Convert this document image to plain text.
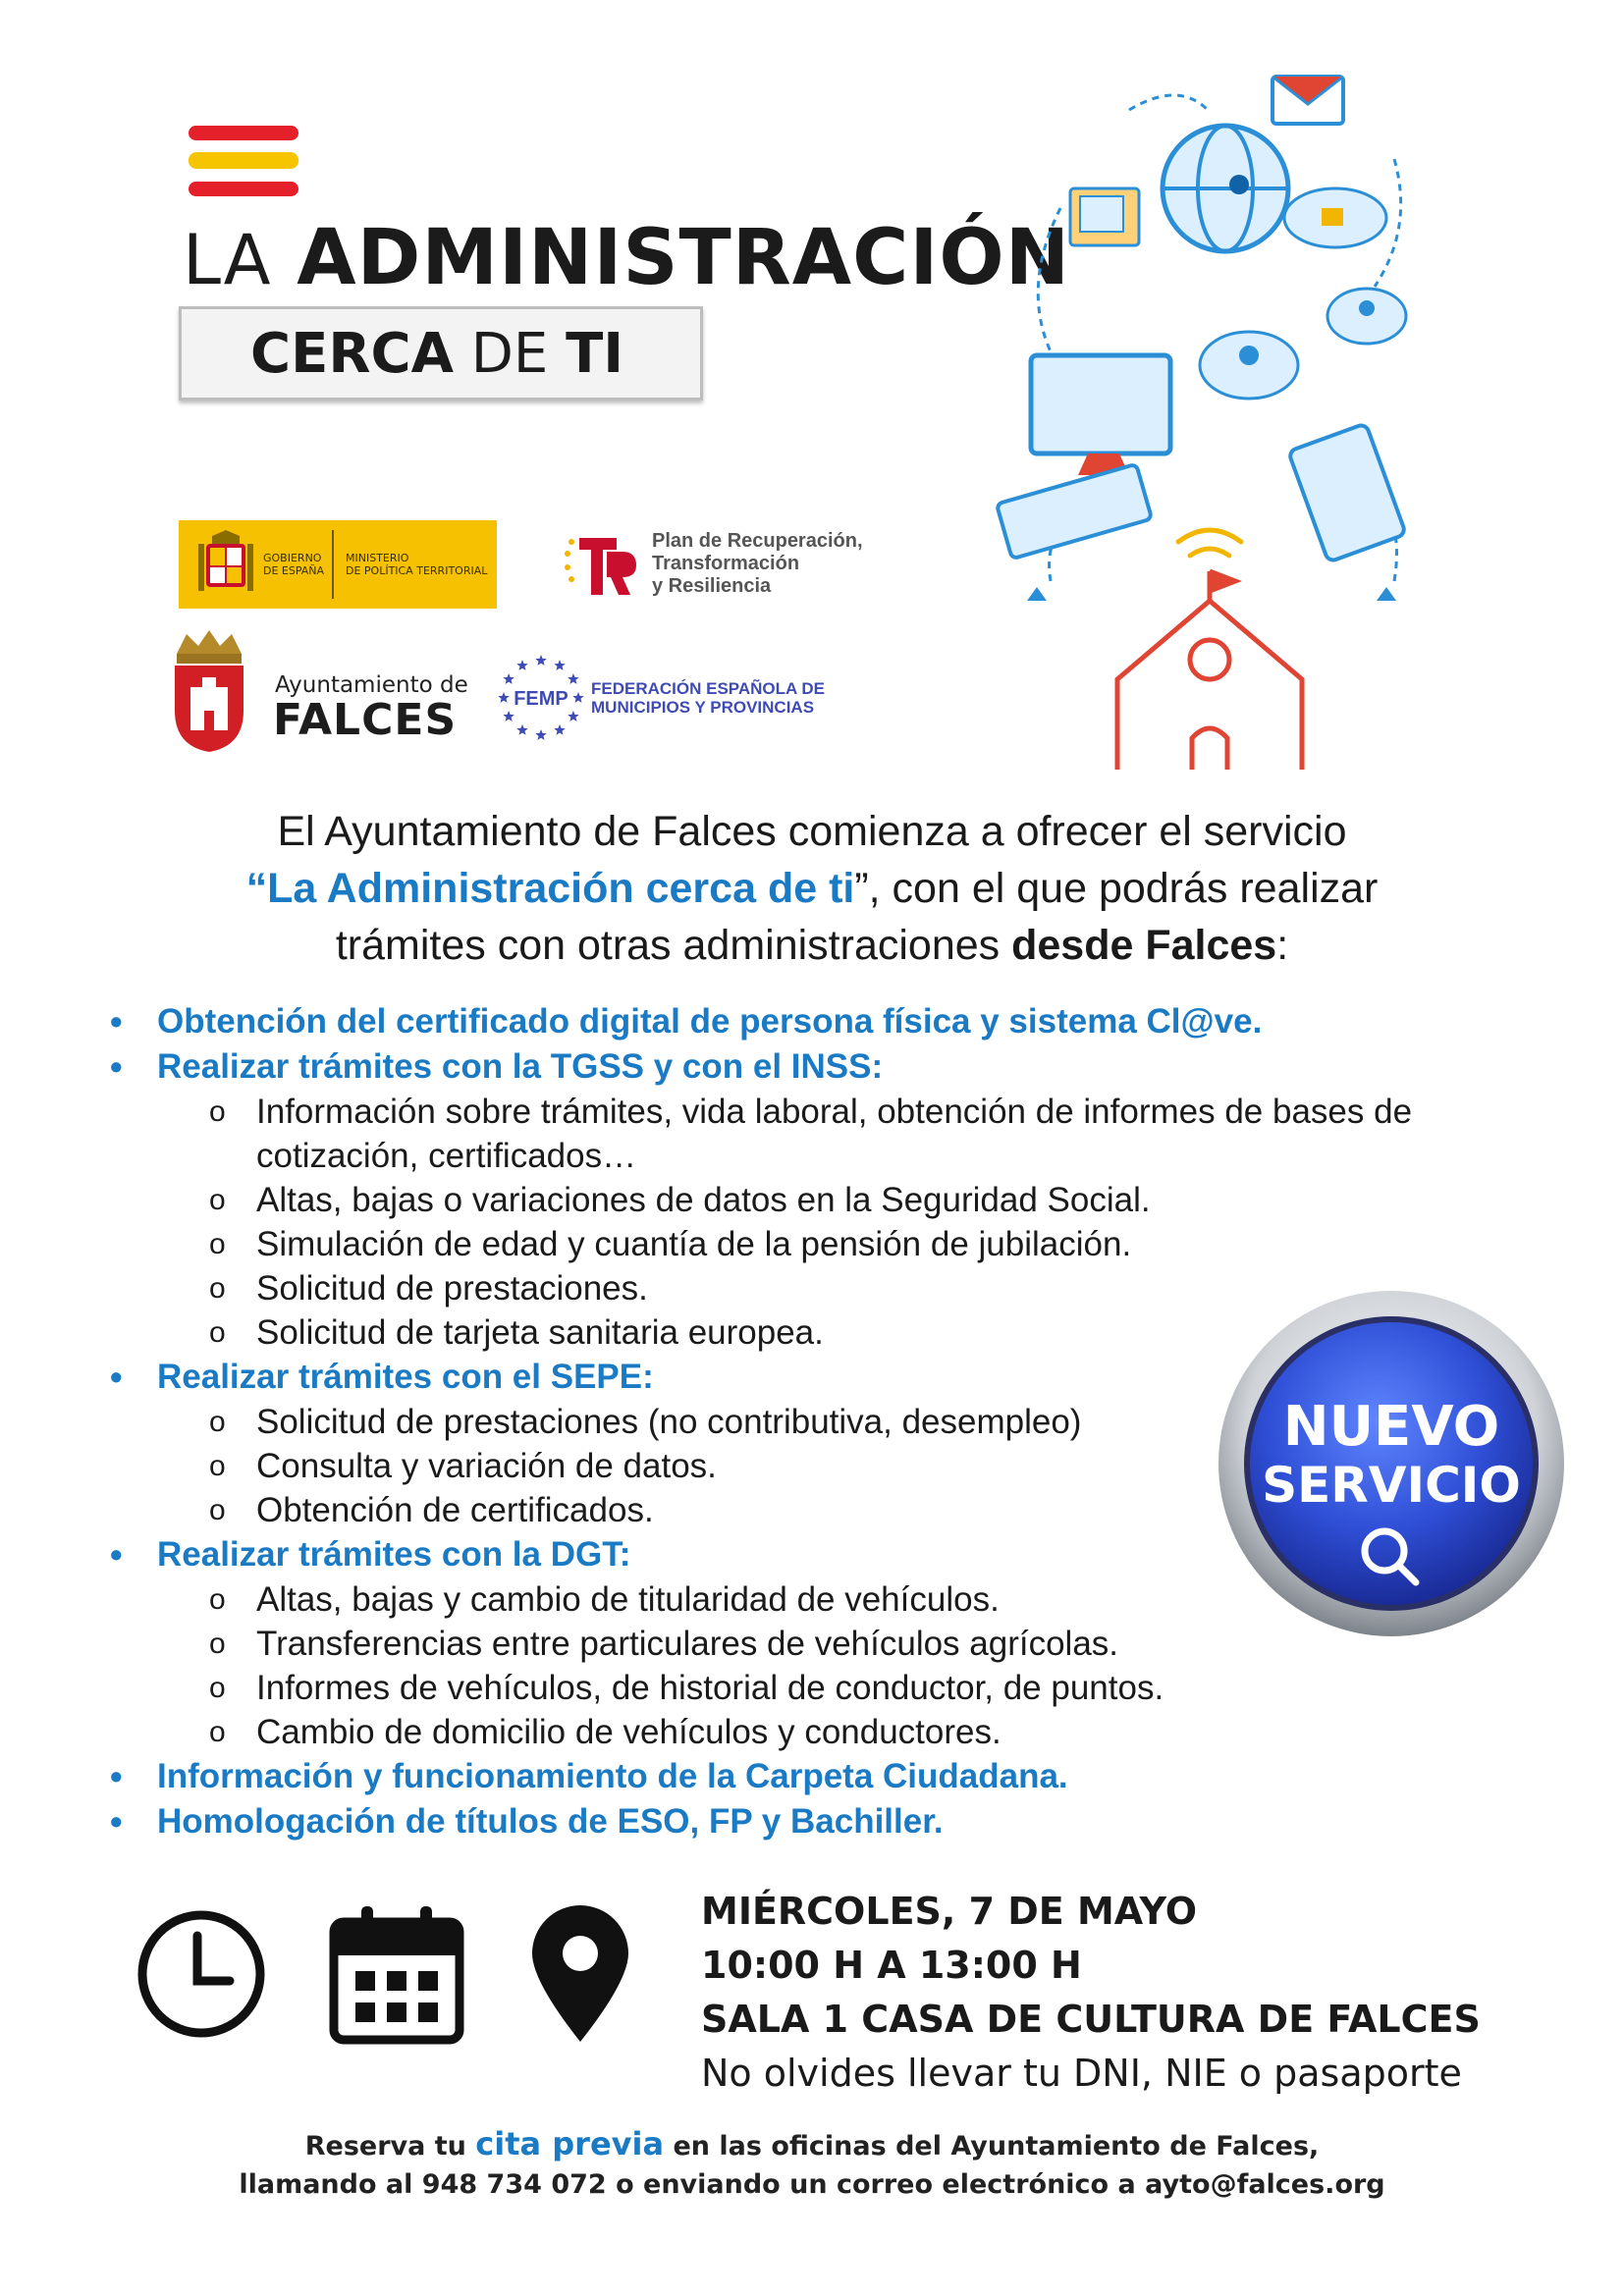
LA ADMINISTRACIÓN
CERCA DE TI
GOBIERNO
DE ESPAÑA
MINISTERIO
DE POLÍTICA TERRITORIAL
Plan de Recuperación,
Transformación
y Resiliencia
Ayuntamiento de
FALCES	FEMP FEDERACIÓN ESPAÑOLA DE
MUNICIPIOS Y PROVINCIAS
El Ayuntamiento de Falces comienza a ofrecer el servicio
“La Administración cerca de ti”, con el que podrás realizar
trámites con otras administraciones desde Falces:
• Obtención del certificado digital de persona física y sistema Cl@ve.
• Realizar trámites con la TGSS y con el INSS:
o Información sobre trámites, vida laboral, obtención de informes de bases de cotización, certificados…
o Altas, bajas o variaciones de datos en la Seguridad Social.
o Simulación de edad y cuantía de la pensión de jubilación.
o Solicitud de prestaciones.
o Solicitud de tarjeta sanitaria europea.
• Realizar trámites con el SEPE:
o Solicitud de prestaciones (no contributiva, desempleo)
o Consulta y variación de datos.
o Obtención de certificados.
• Realizar trámites con la DGT:
o Altas, bajas y cambio de titularidad de vehículos.
o Transferencias entre particulares de vehículos agrícolas.
o Informes de vehículos, de historial de conductor, de puntos.
o Cambio de domicilio de vehículos y conductores.
• Información y funcionamiento de la Carpeta Ciudadana.
• Homologación de títulos de ESO, FP y Bachiller.
NUEVO
SERVICIO
MIÉRCOLES, 7 DE MAYO
10:00 H A 13:00 H
SALA 1 CASA DE CULTURA DE FALCES
No olvides llevar tu DNI, NIE o pasaporte
Reserva tu cita previa en las oficinas del Ayuntamiento de Falces,
llamando al 948 734 072 o enviando un correo electrónico a ayto@falces.org
